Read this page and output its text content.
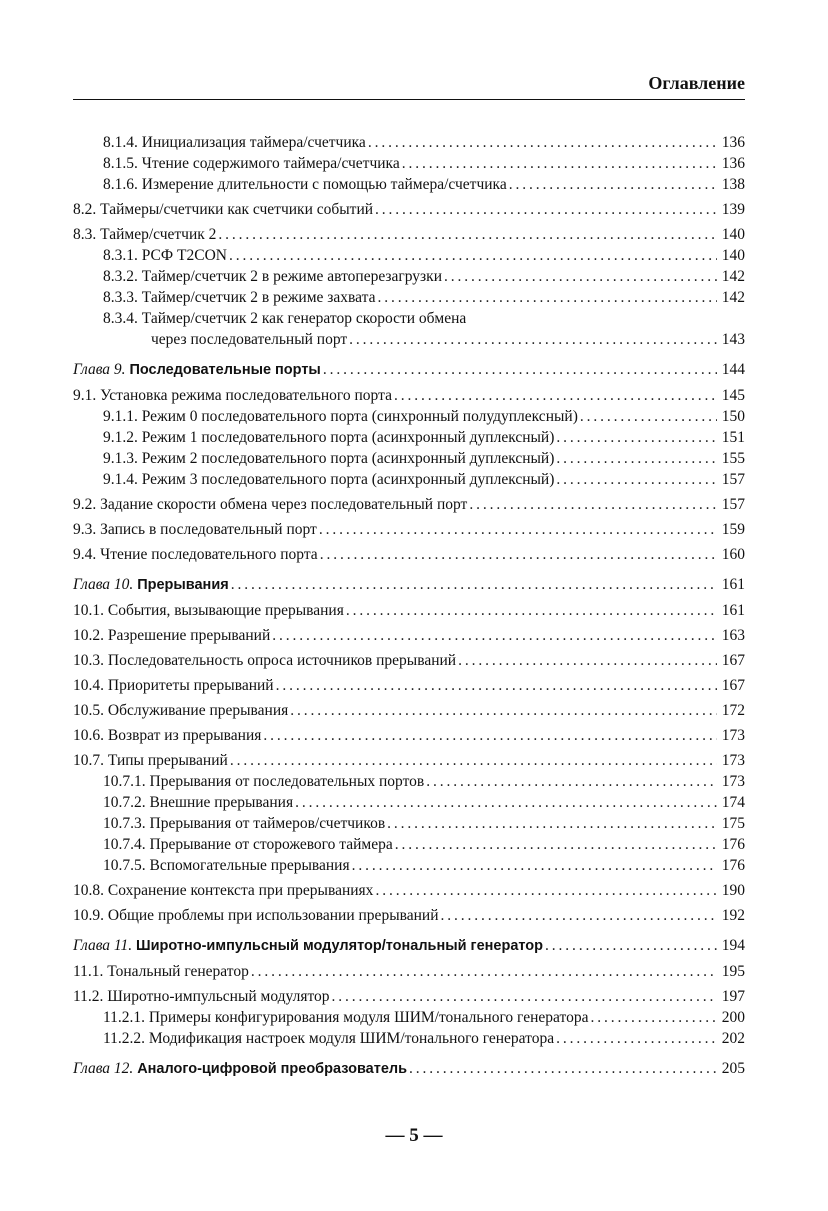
Оглавление
8.1.4. Инициализация таймера/счетчика . . .	136
8.1.5. Чтение содержимого таймера/счетчика . . .	136
8.1.6. Измерение длительности с помощью таймера/счетчика . . .	138
8.2. Таймеры/счетчики как счетчики событий . . .	139
8.3. Таймер/счетчик 2 . . .	140
8.3.1. РСФ T2CON . . .	140
8.3.2. Таймер/счетчик 2 в режиме автоперезагрузки . . .	142
8.3.3. Таймер/счетчик 2 в режиме захвата . . .	142
8.3.4. Таймер/счетчик 2 как генератор скорости обмена
через последовательный порт . . .	143
Глава 9. Последовательные порты . . .	144
9.1. Установка режима последовательного порта . . .	145
9.1.1. Режим 0 последовательного порта (синхронный полудуплексный) . . .	150
9.1.2. Режим 1 последовательного порта (асинхронный дуплексный) . . .	151
9.1.3. Режим 2 последовательного порта (асинхронный дуплексный) . . .	155
9.1.4. Режим 3 последовательного порта (асинхронный дуплексный) . . .	157
9.2. Задание скорости обмена через последовательный порт . . .	157
9.3. Запись в последовательный порт . . .	159
9.4. Чтение последовательного порта . . .	160
Глава 10. Прерывания . . .	161
10.1. События, вызывающие прерывания . . .	161
10.2. Разрешение прерываний . . .	163
10.3. Последовательность опроса источников прерываний . . .	167
10.4. Приоритеты прерываний . . .	167
10.5. Обслуживание прерывания . . .	172
10.6. Возврат из прерывания . . .	173
10.7. Типы прерываний . . .	173
10.7.1. Прерывания от последовательных портов . . .	173
10.7.2. Внешние прерывания . . .	174
10.7.3. Прерывания от таймеров/счетчиков . . .	175
10.7.4. Прерывание от сторожевого таймера . . .	176
10.7.5. Вспомогательные прерывания . . .	176
10.8. Сохранение контекста при прерываниях . . .	190
10.9. Общие проблемы при использовании прерываний . . .	192
Глава 11. Широтно-импульсный модулятор/тональный генератор . . .	194
11.1. Тональный генератор . . .	195
11.2. Широтно-импульсный модулятор . . .	197
11.2.1. Примеры конфигурирования модуля ШИМ/тонального генератора . . .	200
11.2.2. Модификация настроек модуля ШИМ/тонального генератора . . .	202
Глава 12. Аналого-цифровой преобразователь . . .	205
— 5 —
